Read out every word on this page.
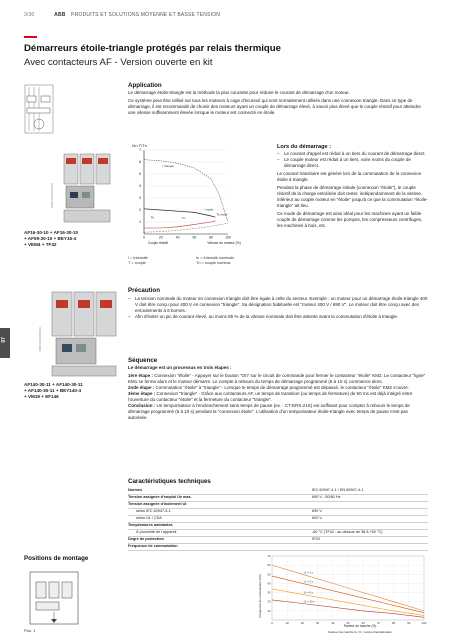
3/30	ABB PRODUITS ET SOLUTIONS MOYENNE ET BASSE TENSION
Démarreurs étoile-triangle protégés par relais thermique
Avec contacteurs AF - Version ouverte en kit
1SBC101021F0014
AF16-30-10 + AF16-30-10
+ AF09-30-10 + BEY16-4
+ VEM4 + TF42
1SBC101022F0014
AF140-30-11 + AF140-30-11
+ AF140-30-11 + BEY140-4
+ VM19 + EF146
07
Application

Le démarrage étoile-triangle est la méthode la plus courante pour réduire le courant de démarrage d'un moteur.

Ce système peut être utilisé sur tous les moteurs à cage d'écureuil qui sont normalement utilisés dans une connexion triangle. Dans ce type de démarrage, il est recommandé de choisir des moteurs ayant un couple de démarrage élevé, à savoir plus élevé que le couple résistif pour atteindre une vitesse suffisamment élevée lorsque le moteur est connecté en étoile.

I triangle
Tk	Tn
I étoile
Tk étoile
1
2
3
4
5
6
7
0	20	40	60	80	100
I/In T/Tn
Vitesse du moteur (%)
Couple résistif
I = Intensité
T = couple
In = Intensité nominale
Tn = couple nominal
Lors du démarrage :
– Le courant d'appel est réduit à un tiers du courant de démarrage direct.
– Le couple moteur est réduit à un tiers, voire moins du couple de démarrage direct.

Le courant transitoire est généré lors de la commutation de la connexion étoile à triangle.

Pendant la phase de démarrage initiale (connexion "étoile"), le couple résistif de la charge entraînée doit rester, indépendamment de la vitesse, inférieur au couple moteur en "étoile" jusqu'à ce que la commutation "étoile-triangle" ait lieu.

Ce mode de démarrage est ainsi idéal pour les machines ayant un faible couple de démarrage comme les pompes, les compresseurs centrifuges, les machines à bois, etc.

Précaution
– La tension nominale du moteur en connexion triangle doit être égale à celle du secteur. Exemple : un moteur pour un démarrage étoile-triangle 400 V doit être conçu pour 400 V en connexion "triangle". Sa désignation habituelle est "moteur 400 V / 690 V". Le moteur doit être conçu avec des enroulements à 6 bornes.
– Afin d'éviter un pic de courant élevé, au moins 85 % de la vitesse nominale doit être atteinte avant la commutation d'étoile à triangle.
Séquence

Le démarrage est un processus en trois étapes :

1ère étape : Connexion "étoile" - Appuyer sur le bouton "On" sur le circuit de commande pour fermer le contacteur "étoile" KM2. Le contacteur "ligne" KM1 se ferme alors et le moteur démarre. Le compte à rebours du temps de démarrage programmé (6 à 10 s) commence alors.
2nde étape : Commutation "étoile" à "triangle" - Lorsque le temps de démarrage programmé est dépassé, le contacteur "étoile" KM2 s'ouvre.
3ème étape : Connexion "triangle" - Grâce aux contacteurs AF, un temps de transition (ou temps de fermeture) de 50 ms est déjà intégré entre l'ouverture du contacteur "étoile" et la fermeture du contacteur "triangle".
Conclusion : Un temporisateur à l'enclenchement sans temps de pause (ex. : CT-ERS.21S) est suffisant pour compter à rebours le temps de démarrage programmé (6 à 10 s) pendant la "connexion étoile". L'utilisation d'un temporisateur étoile-triangle avec temps de pause n'est pas autorisée.
Caractéristiques techniques
Normes	IEC 60947-4-1 / EN 60947-4-1
Tension assignée d'emploi Ue max.	690 V - 50/60 Hz
Tension assignée d'isolement Ui	
selon IEC 60947-4-1	690 V
selon UL / CSA	600 V
Températures ambiantes	
À proximité de l'appareil	-60 °C (TF42 : au-dessus de 38 A +50 °C)
Degré de protection	IP20
Fréquence de commutation	
t1 = 1 s
t1 = 2 s
t1 = 5 s
t1 = 10 s
10
20
30
40
50
60
70
0	10	20	30	40	50	60	70	80	90	100
Facteur de marche (%)
Facteur de marche t1 / t1 : temps d'accélération
Fréquence de commutation (c/h)
Positions de montage
Pos. 1
